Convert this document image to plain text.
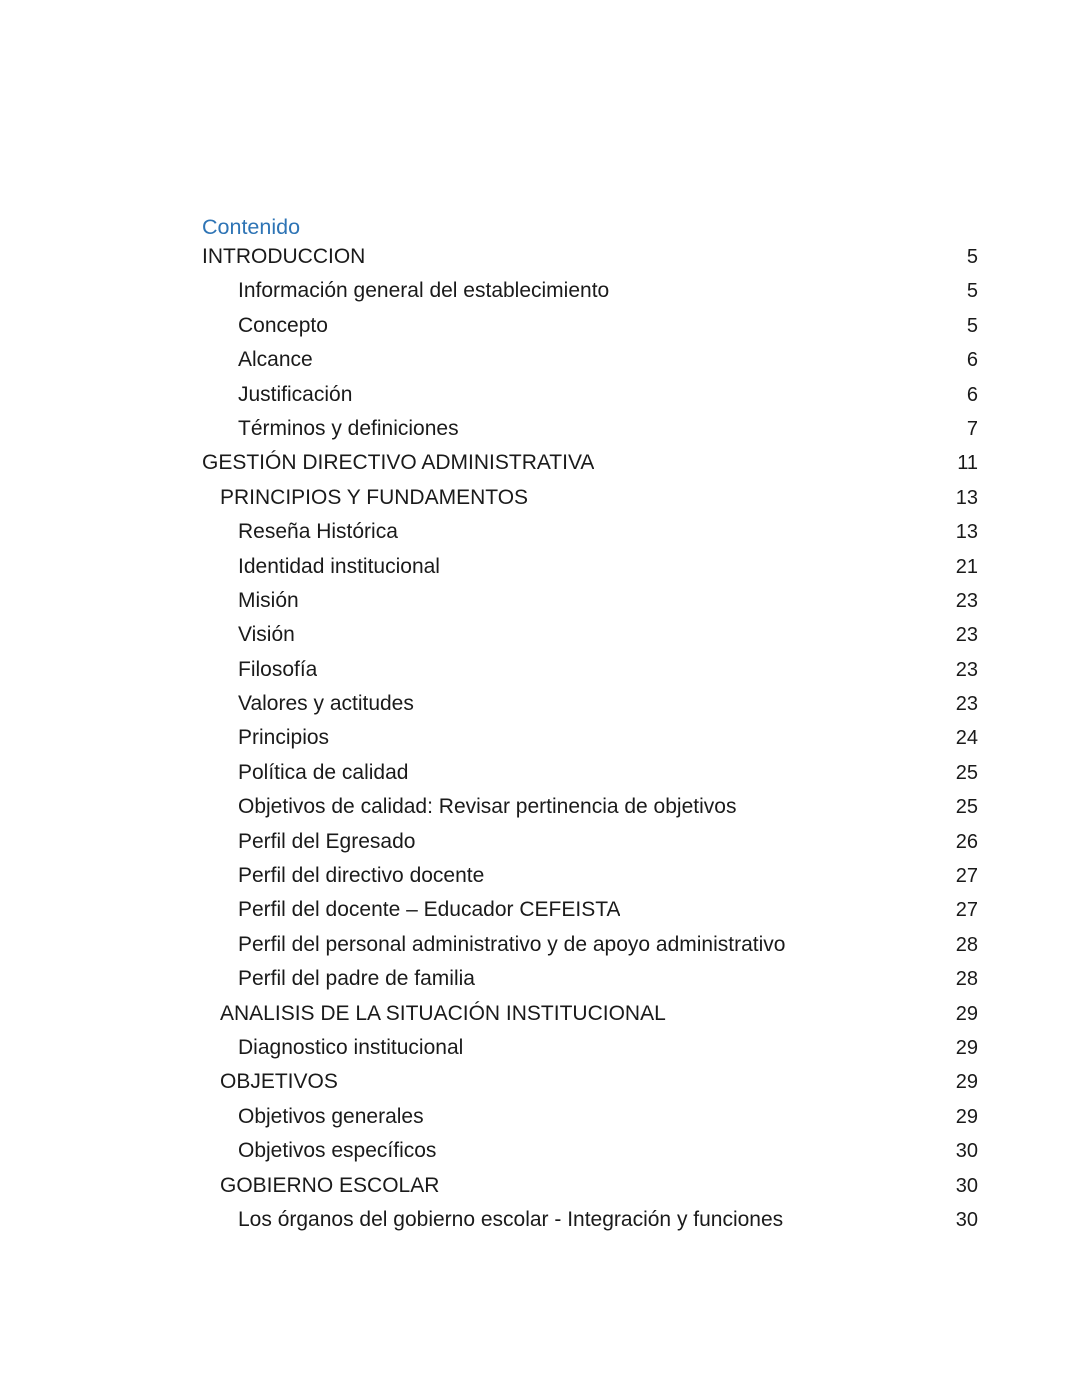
Contenido

INTRODUCCION	5
Información general del establecimiento	5
Concepto	5
Alcance	6
Justificación	6
Términos y definiciones	7
GESTIÓN DIRECTIVO ADMINISTRATIVA	11
PRINCIPIOS Y FUNDAMENTOS	13
Reseña Histórica	13
Identidad institucional	21
Misión	23
Visión	23
Filosofía	23
Valores y actitudes	23
Principios	24
Política de calidad	25
Objetivos de calidad: Revisar pertinencia de objetivos	25
Perfil del Egresado	26
Perfil del directivo docente	27
Perfil del docente – Educador CEFEISTA	27
Perfil del personal administrativo y de apoyo administrativo	28
Perfil del padre de familia	28
ANALISIS DE LA SITUACIÓN INSTITUCIONAL	29
Diagnostico institucional	29
OBJETIVOS	29
Objetivos generales	29
Objetivos específicos	30
GOBIERNO ESCOLAR	30
Los órganos del gobierno escolar - Integración y funciones	30
